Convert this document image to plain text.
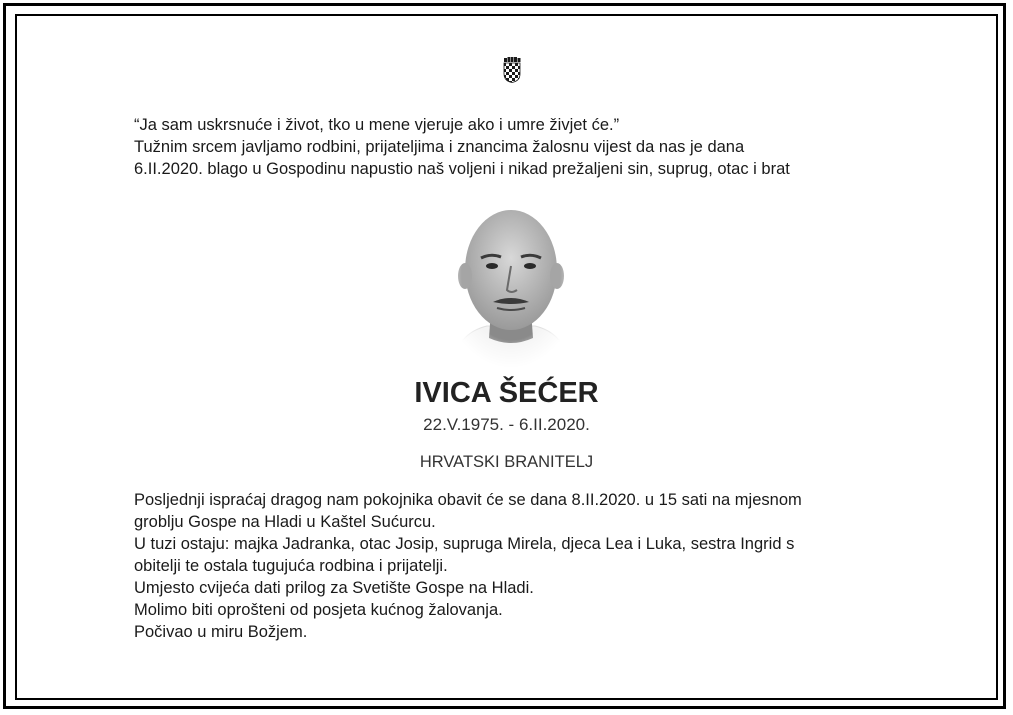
“Ja sam uskrsnuće i život, tko u mene vjeruje ako i umre živjet će.”

Tužnim srcem javljamo rodbini, prijateljima i znancima žalosnu vijest da nas je dana

6.II.2020. blago u Gospodinu napustio naš voljeni i nikad prežaljeni sin, suprug, otac i brat

IVICA ŠEĆER
22.V.1975. - 6.II.2020.
HRVATSKI BRANITELJ

Posljednji ispraćaj dragog nam pokojnika obavit će se dana 8.II.2020. u 15 sati na mjesnom

groblju Gospe na Hladi u Kaštel Sućurcu.

U tuzi ostaju: majka Jadranka, otac Josip, supruga Mirela, djeca Lea i Luka, sestra Ingrid s

obitelji te ostala tugujuća rodbina i prijatelji.

Umjesto cvijeća dati prilog za Svetište Gospe na Hladi.

Molimo biti oprošteni od posjeta kućnog žalovanja.

Počivao u miru Božjem.
